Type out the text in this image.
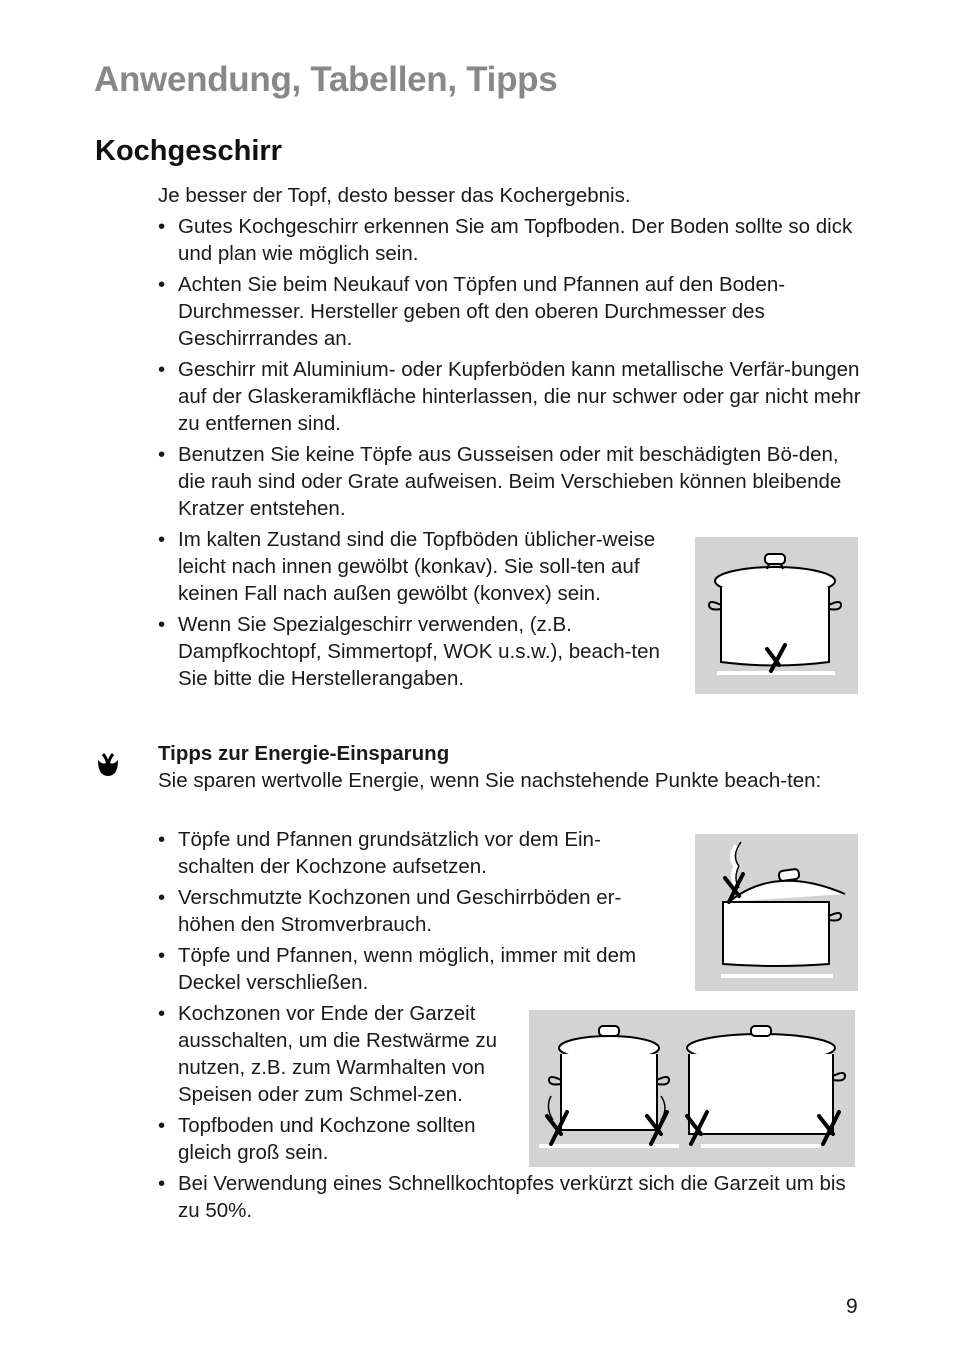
Anwendung, Tabellen, Tipps
Kochgeschirr

Je besser der Topf, desto besser das Kochergebnis.

• Gutes Kochgeschirr erkennen Sie am Topfboden. Der Boden sollte so dick und plan wie möglich sein.
• Achten Sie beim Neukauf von Töpfen und Pfannen auf den Boden-Durchmesser. Hersteller geben oft den oberen Durchmesser des Geschirrrandes an.
• Geschirr mit Aluminium- oder Kupferböden kann metallische Verfär-bungen auf der Glaskeramikfläche hinterlassen, die nur schwer oder gar nicht mehr zu entfernen sind.
• Benutzen Sie keine Töpfe aus Gusseisen oder mit beschädigten Bö-den, die rauh sind oder Grate aufweisen. Beim Verschieben können bleibende Kratzer entstehen.
• Im kalten Zustand sind die Topfböden üblicher-weise leicht nach innen gewölbt (konkav). Sie soll-ten auf keinen Fall nach außen gewölbt (konvex) sein.
• Wenn Sie Spezialgeschirr verwenden, (z.B. Dampfkochtopf, Simmertopf, WOK u.s.w.), beach-ten Sie bitte die Herstellerangaben.

Tipps zur Energie-Einsparung

Sie sparen wertvolle Energie, wenn Sie nachstehende Punkte beach-ten:

• Töpfe und Pfannen grundsätzlich vor dem Ein-schalten der Kochzone aufsetzen.
• Verschmutzte Kochzonen und Geschirrböden er-höhen den Stromverbrauch.
• Töpfe und Pfannen, wenn möglich, immer mit dem Deckel verschließen.
• Kochzonen vor Ende der Garzeit ausschalten, um die Restwärme zu nutzen, z.B. zum Warmhalten von Speisen oder zum Schmel-zen.
• Topfboden und Kochzone sollten gleich groß sein.
• Bei Verwendung eines Schnellkochtopfes verkürzt sich die Garzeit um bis zu 50%.
9
